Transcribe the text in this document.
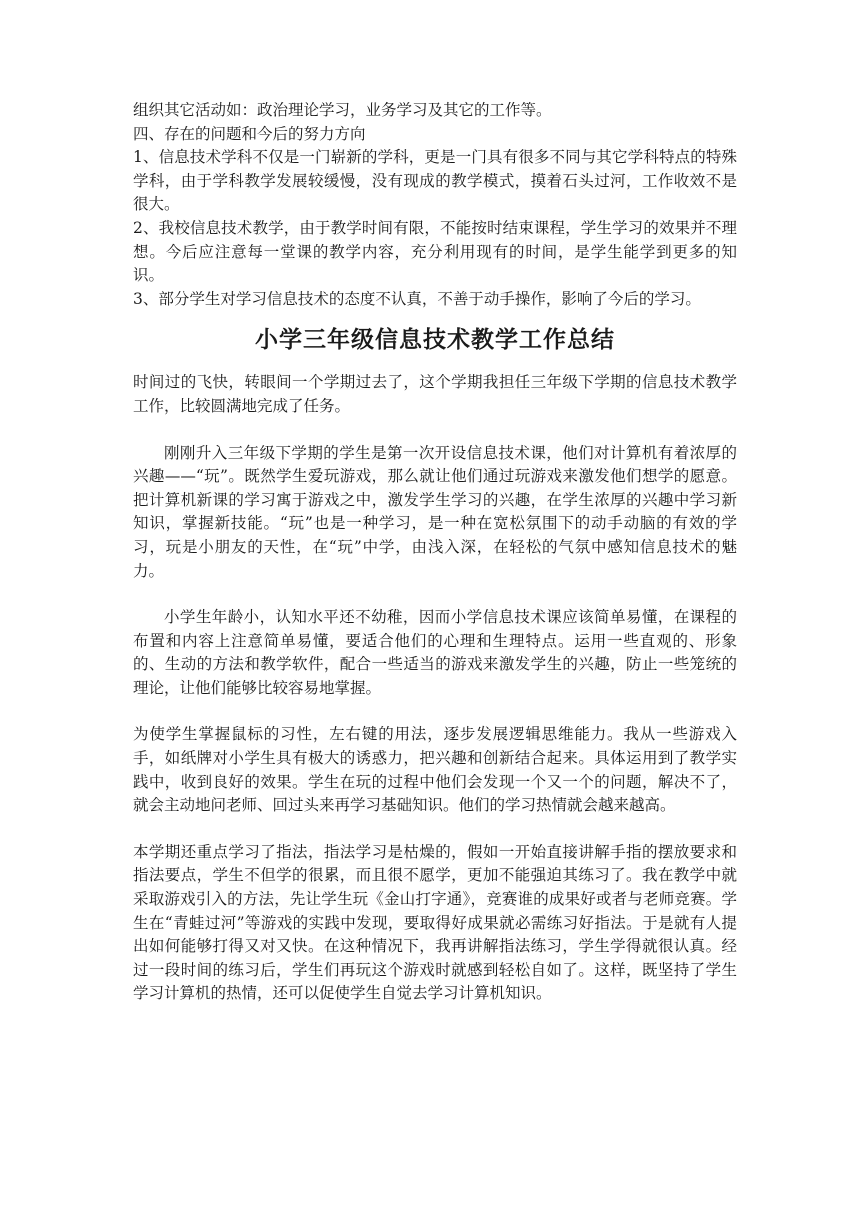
组织其它活动如：政治理论学习，业务学习及其它的工作等。

四、存在的问题和今后的努力方向

1、信息技术学科不仅是一门崭新的学科，更是一门具有很多不同与其它学科特点的特殊学科，由于学科教学发展较缓慢，没有现成的教学模式，摸着石头过河，工作收效不是很大。

2、我校信息技术教学，由于教学时间有限，不能按时结束课程，学生学习的效果并不理想。今后应注意每一堂课的教学内容，充分利用现有的时间，是学生能学到更多的知识。

3、部分学生对学习信息技术的态度不认真，不善于动手操作，影响了今后的学习。

小学三年级信息技术教学工作总结

时间过的飞快，转眼间一个学期过去了，这个学期我担任三年级下学期的信息技术教学工作，比较圆满地完成了任务。

刚刚升入三年级下学期的学生是第一次开设信息技术课，他们对计算机有着浓厚的兴趣——“玩”。既然学生爱玩游戏，那么就让他们通过玩游戏来激发他们想学的愿意。把计算机新课的学习寓于游戏之中，激发学生学习的兴趣，在学生浓厚的兴趣中学习新知识，掌握新技能。“玩”也是一种学习，是一种在宽松氛围下的动手动脑的有效的学习，玩是小朋友的天性，在“玩”中学，由浅入深，在轻松的气氛中感知信息技术的魅力。

小学生年龄小，认知水平还不幼稚，因而小学信息技术课应该简单易懂，在课程的布置和内容上注意简单易懂，要适合他们的心理和生理特点。运用一些直观的、形象的、生动的方法和教学软件，配合一些适当的游戏来激发学生的兴趣，防止一些笼统的理论，让他们能够比较容易地掌握。

为使学生掌握鼠标的习性，左右键的用法，逐步发展逻辑思维能力。我从一些游戏入手，如纸牌对小学生具有极大的诱惑力，把兴趣和创新结合起来。具体运用到了教学实践中，收到良好的效果。学生在玩的过程中他们会发现一个又一个的问题，解决不了，就会主动地问老师、回过头来再学习基础知识。他们的学习热情就会越来越高。

本学期还重点学习了指法，指法学习是枯燥的，假如一开始直接讲解手指的摆放要求和指法要点，学生不但学的很累，而且很不愿学，更加不能强迫其练习了。我在教学中就采取游戏引入的方法，先让学生玩《金山打字通》，竞赛谁的成果好或者与老师竞赛。学生在“青蛙过河”等游戏的实践中发现，要取得好成果就必需练习好指法。于是就有人提出如何能够打得又对又快。在这种情况下，我再讲解指法练习，学生学得就很认真。经过一段时间的练习后，学生们再玩这个游戏时就感到轻松自如了。这样，既坚持了学生学习计算机的热情，还可以促使学生自觉去学习计算机知识。
